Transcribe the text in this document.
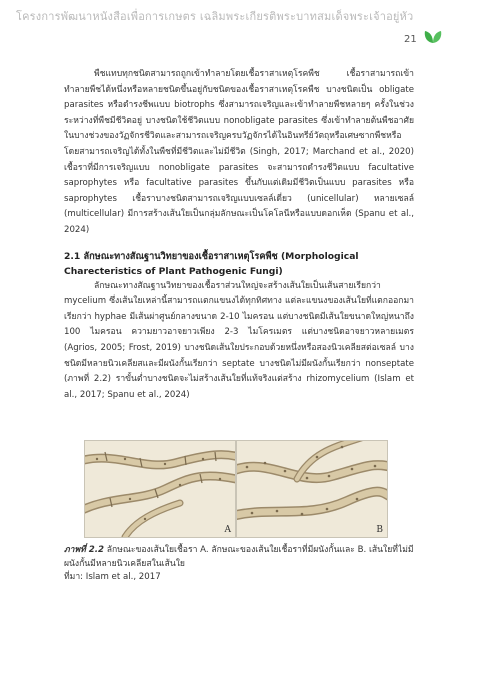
โครงการพัฒนาหนังสือเพื่อการเกษตร เฉลิมพระเกียรติพระบาทสมเด็จพระเจ้าอยู่หัว
21

พืชแทบทุกชนิดสามารถถูกเข้าทำลายโดยเชื้อราสาเหตุโรคพืช เชื้อราสามารถเข้าทำลายพืชได้หนึ่งหรือหลายชนิดขึ้นอยู่กับชนิดของเชื้อราสาเหตุโรคพืช บางชนิดเป็น obligate parasites หรือดำรงชีพแบบ biotrophs ซึ่งสามารถเจริญและเข้าทำลายพืชหลายๆ ครั้งในช่วงระหว่างที่พืชมีชีวิตอยู่ บางชนิดใช้ชีวิตแบบ nonobligate parasites ซึ่งเข้าทำลายต้นพืชอาศัยในบางช่วงของวัฏจักรชีวิตและสามารถเจริญครบวัฏจักรได้ในอินทรีย์วัตถุหรือเศษซากพืชหรือโดยสามารถเจริญได้ทั้งในพืชที่มีชีวิตและไม่มีชีวิต (Singh, 2017; Marchand et al., 2020) เชื้อราที่มีการเจริญแบบ nonobligate parasites จะสามารถดำรงชีวิตแบบ facultative saprophytes หรือ facultative parasites ขึ้นกับแต่เดิมมีชีวิตเป็นแบบ parasites หรือ saprophytes เชื้อราบางชนิดสามารถเจริญแบบเซลล์เดี่ยว (unicellular) หลายเซลล์ (multicellular) มีการสร้างเส้นใยเป็นกลุ่มลักษณะเป็นโคโลนีหรือแบบดอกเห็ด (Spanu et al., 2024)

2.1 ลักษณะทางสัณฐานวิทยาของเชื้อราสาเหตุโรคพืช (Morphological Charecteristics of Plant Pathogenic Fungi)

ลักษณะทางสัณฐานวิทยาของเชื้อราส่วนใหญ่จะสร้างเส้นใยเป็นเส้นสายเรียกว่า mycelium ซึ่งเส้นใยเหล่านี้สามารถแตกแขนงได้ทุกทิศทาง แต่ละแขนงของเส้นใยที่แตกออกมาเรียกว่า hyphae มีเส้นผ่าศูนย์กลางขนาด 2-10 ไมครอน แต่บางชนิดมีเส้นใยขนาดใหญ่หนาถึง 100 ไมครอน ความยาวอาจยาวเพียง 2-3 ไมโครเมตร แต่บางชนิดอาจยาวหลายเมตร (Agrios, 2005; Frost, 2019) บางชนิดเส้นใยประกอบด้วยหนึ่งหรือสองนิวเคลียสต่อเซลล์ บางชนิดมีหลายนิวเคลียสและมีผนังกั้นเรียกว่า septate บางชนิดไม่มีผนังกั้นเรียกว่า nonseptate (ภาพที่ 2.2) ราขั้นต่ำบางชนิดจะไม่สร้างเส้นใยที่แท้จริงแต่สร้าง rhizomycelium (Islam et al., 2017; Spanu et al., 2024)

A	B
ภาพที่ 2.2 ลักษณะของเส้นใยเชื้อรา A. ลักษณะของเส้นใยเชื้อราที่มีผนังกั้นและ B. เส้นใยที่ไม่มีผนังกั้นมีหลายนิวเคลียสในเส้นใย
ที่มา: Islam et al., 2017
